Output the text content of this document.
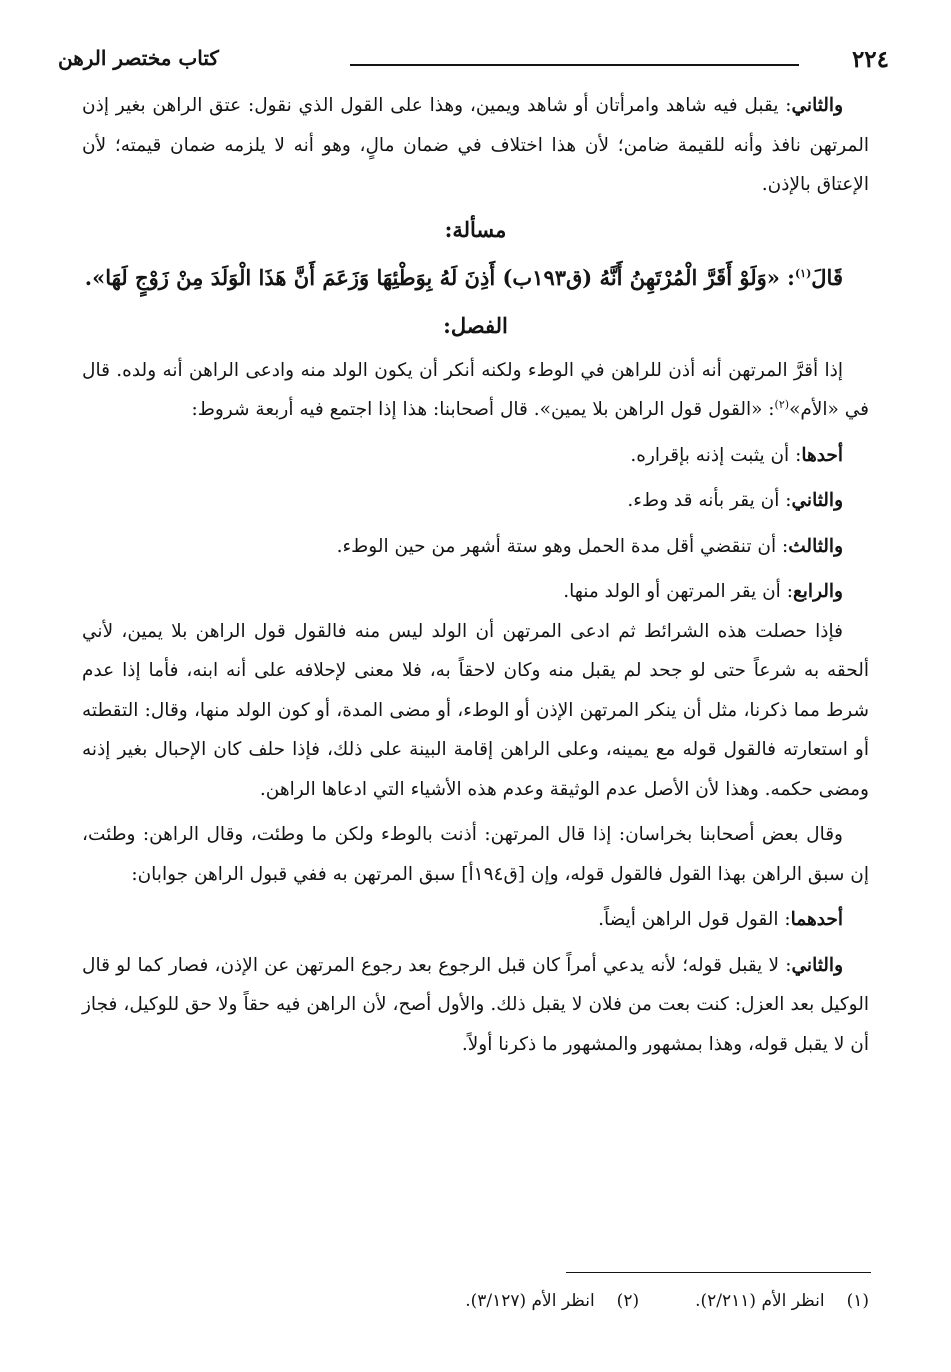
٢٢٤
كتاب مختصر الرهن

والثاني: يقبل فيه شاهد وامرأتان أو شاهد ويمين، وهذا على القول الذي نقول: عتق الراهن بغير إذن المرتهن نافذ وأنه للقيمة ضامن؛ لأن هذا اختلاف في ضمان مالٍ، وهو أنه لا يلزمه ضمان قيمته؛ لأن الإعتاق بالإذن.

مسألة:

قَالَ$^{(١)}$: «وَلَوْ أَقَرَّ الْمُرْتَهِنُ أَنَّهُ (ق١٩٣ب) أَذِنَ لَهُ بِوَطْئِهَا وَزَعَمَ أَنَّ هَذَا الْوَلَدَ مِنْ زَوْجٍ لَهَا».

الفصل:

إذا أقرَّ المرتهن أنه أذن للراهن في الوطء ولكنه أنكر أن يكون الولد منه وادعى الراهن أنه ولده. قال في «الأم»$^{(٢)}$: «القول قول الراهن بلا يمين». قال أصحابنا: هذا إذا اجتمع فيه أربعة شروط:

أحدها: أن يثبت إذنه بإقراره.

والثاني: أن يقر بأنه قد وطء.

والثالث: أن تنقضي أقل مدة الحمل وهو ستة أشهر من حين الوطء.

والرابع: أن يقر المرتهن أو الولد منها.

فإذا حصلت هذه الشرائط ثم ادعى المرتهن أن الولد ليس منه فالقول قول الراهن بلا يمين، لأني ألحقه به شرعاً حتى لو جحد لم يقبل منه وكان لاحقاً به، فلا معنى لإحلافه على أنه ابنه، فأما إذا عدم شرط مما ذكرنا، مثل أن ينكر المرتهن الإذن أو الوطء، أو مضى المدة، أو كون الولد منها، وقال: التقطته أو استعارته فالقول قوله مع يمينه، وعلى الراهن إقامة البينة على ذلك، فإذا حلف كان الإحبال بغير إذنه ومضى حكمه. وهذا لأن الأصل عدم الوثيقة وعدم هذه الأشياء التي ادعاها الراهن.

وقال بعض أصحابنا بخراسان: إذا قال المرتهن: أذنت بالوطء ولكن ما وطئت، وقال الراهن: وطئت، إن سبق الراهن بهذا القول فالقول قوله، وإن [ق١٩٤أ] سبق المرتهن به ففي قبول الراهن جوابان:

أحدهما: القول قول الراهن أيضاً.

والثاني: لا يقبل قوله؛ لأنه يدعي أمراً كان قبل الرجوع بعد رجوع المرتهن عن الإذن، فصار كما لو قال الوكيل بعد العزل: كنت بعت من فلان لا يقبل ذلك. والأول أصح، لأن الراهن فيه حقاً ولا حق للوكيل، فجاز أن لا يقبل قوله، وهذا بمشهور والمشهور ما ذكرنا أولاً.

(١)انظر الأم (٢/٢١١).(٢)انظر الأم (٣/١٢٧).
